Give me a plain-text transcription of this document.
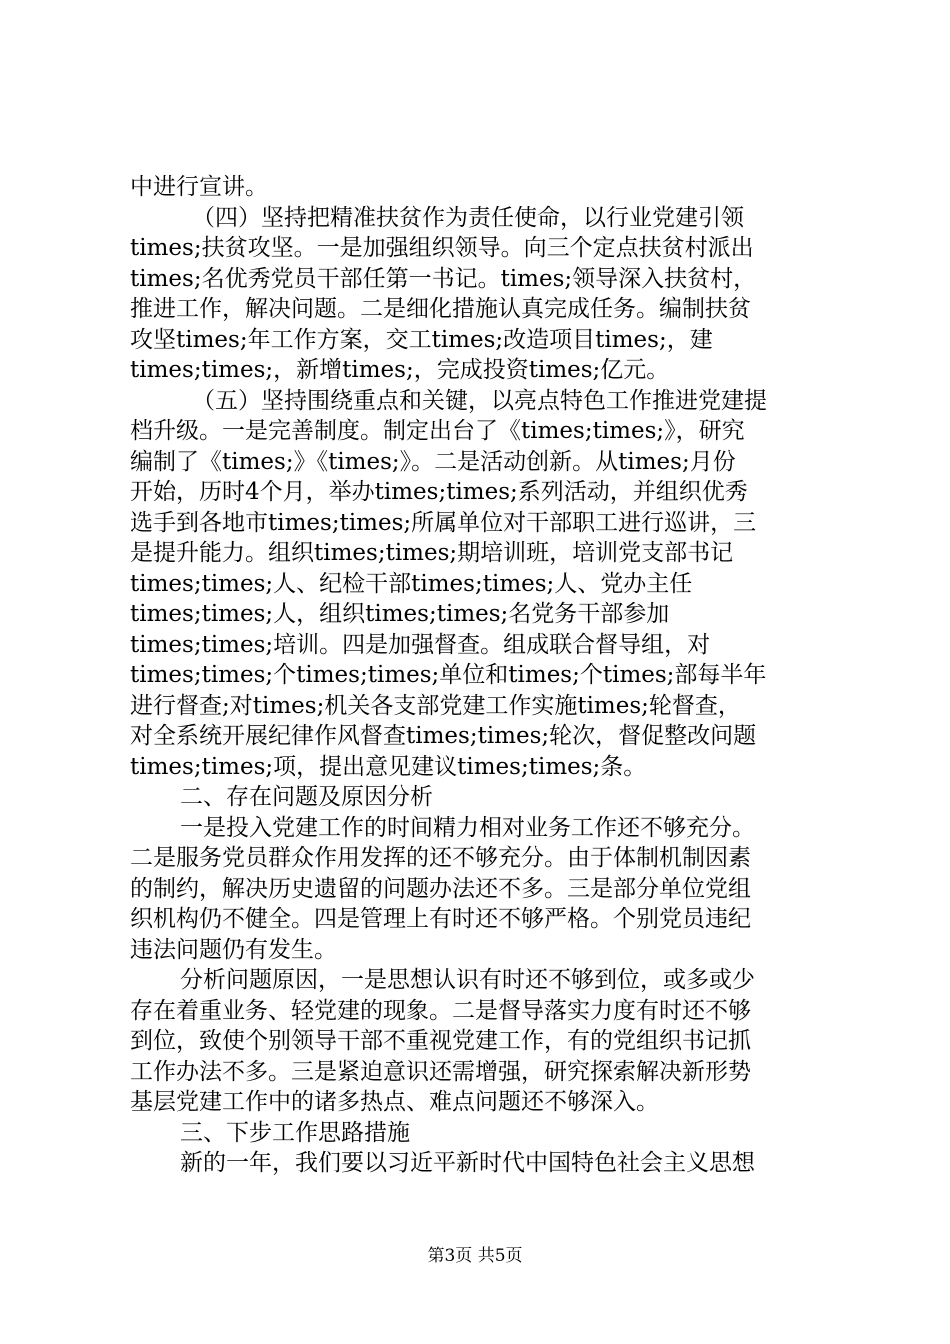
中进行宣讲。
（四）坚持把精准扶贫作为责任使命，以行业党建引领
times;扶贫攻坚。一是加强组织领导。向三个定点扶贫村派出
times;名优秀党员干部任第一书记。times;领导深入扶贫村，
推进工作，解决问题。二是细化措施认真完成任务。编制扶贫
攻坚times;年工作方案，交工times;改造项目times;，建
times;times;，新增times;，完成投资times;亿元。
（五）坚持围绕重点和关键，以亮点特色工作推进党建提
档升级。一是完善制度。制定出台了《times;times;》，研究
编制了《times;》《times;》。二是活动创新。从times;月份
开始，历时4个月，举办times;times;系列活动，并组织优秀
选手到各地市times;times;所属单位对干部职工进行巡讲，三
是提升能力。组织times;times;期培训班，培训党支部书记
times;times;人、纪检干部times;times;人、党办主任
times;times;人，组织times;times;名党务干部参加
times;times;培训。四是加强督查。组成联合督导组，对
times;times;个times;times;单位和times;个times;部每半年
进行督查;对times;机关各支部党建工作实施times;轮督查，
对全系统开展纪律作风督查times;times;轮次，督促整改问题
times;times;项，提出意见建议times;times;条。
二、存在问题及原因分析
一是投入党建工作的时间精力相对业务工作还不够充分。
二是服务党员群众作用发挥的还不够充分。由于体制机制因素
的制约，解决历史遗留的问题办法还不多。三是部分单位党组
织机构仍不健全。四是管理上有时还不够严格。个别党员违纪
违法问题仍有发生。
分析问题原因，一是思想认识有时还不够到位，或多或少
存在着重业务、轻党建的现象。二是督导落实力度有时还不够
到位，致使个别领导干部不重视党建工作，有的党组织书记抓
工作办法不多。三是紧迫意识还需增强，研究探索解决新形势
基层党建工作中的诸多热点、难点问题还不够深入。
三、下步工作思路措施
新的一年，我们要以习近平新时代中国特色社会主义思想
第3页 共5页
